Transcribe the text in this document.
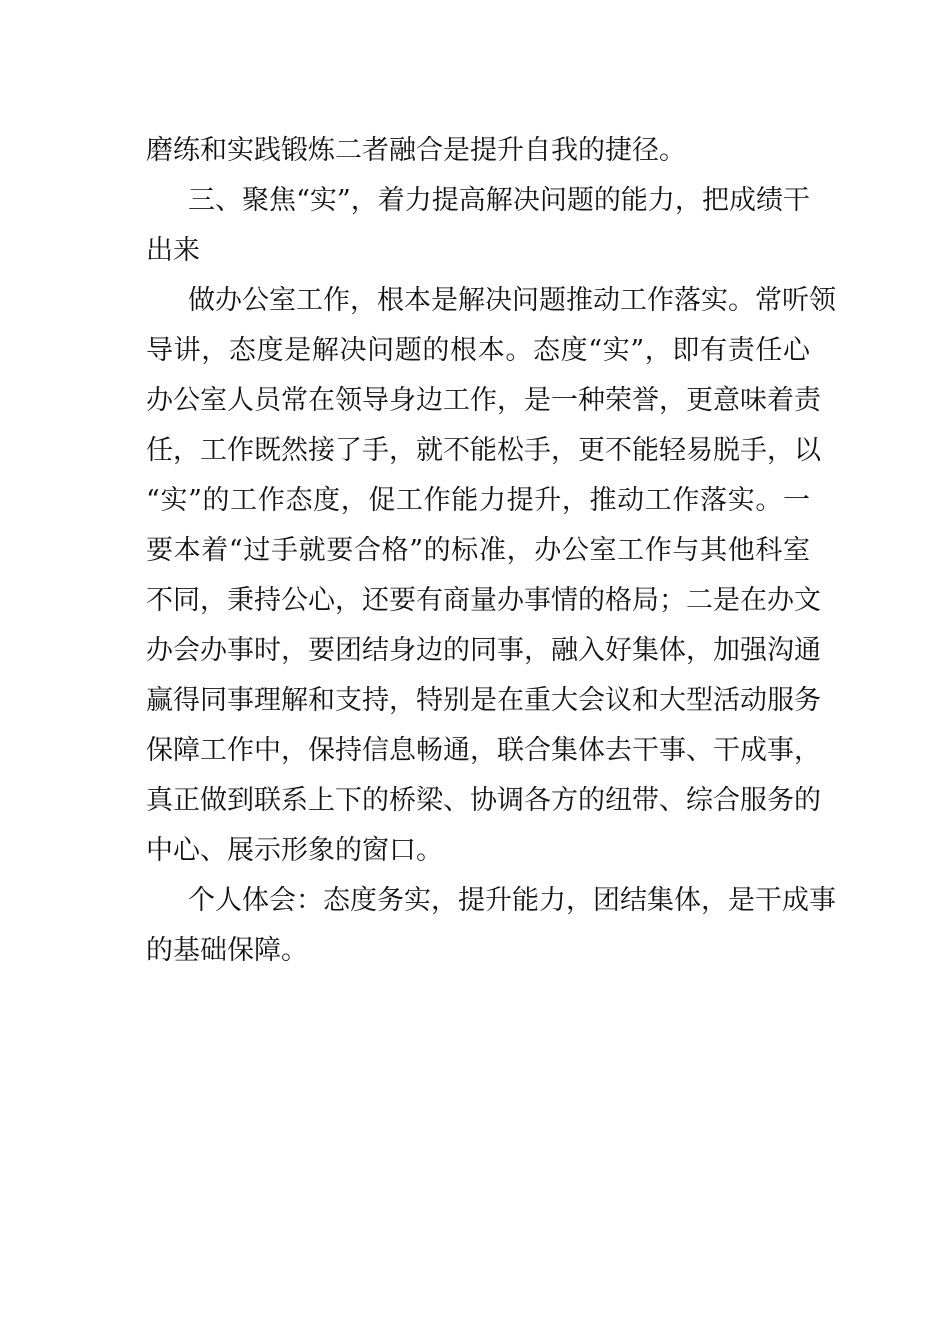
磨练和实践锻炼二者融合是提升自我的捷径。
三、聚焦“实”，着力提高解决问题的能力，把成绩干
出来
做办公室工作，根本是解决问题推动工作落实。常听领
导讲，态度是解决问题的根本。态度“实”，即有责任心
办公室人员常在领导身边工作，是一种荣誉，更意味着责
任，工作既然接了手，就不能松手，更不能轻易脱手，以
“实”的工作态度，促工作能力提升，推动工作落实。一
要本着“过手就要合格”的标准，办公室工作与其他科室
不同，秉持公心，还要有商量办事情的格局；二是在办文
办会办事时，要团结身边的同事，融入好集体，加强沟通
赢得同事理解和支持，特别是在重大会议和大型活动服务
保障工作中，保持信息畅通，联合集体去干事、干成事，
真正做到联系上下的桥梁、协调各方的纽带、综合服务的
中心、展示形象的窗口。
个人体会：态度务实，提升能力，团结集体，是干成事
的基础保障。
